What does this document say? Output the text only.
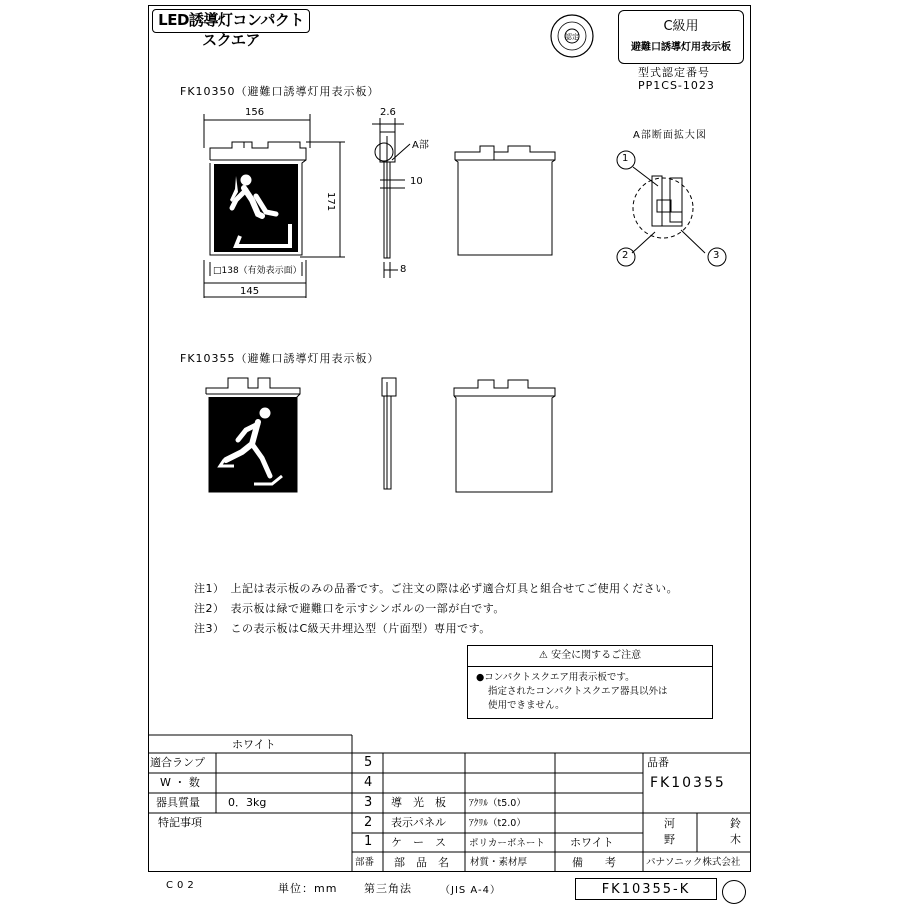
LED誘導灯コンパクトスクエア	認定
C級用
避難口誘導灯用表示板
型式認定番号
PP1CS-1023
FK10350（避難口誘導灯用表示板）
156	2.6
A部
10
171
□138（有効表示面）
145
8
A部断面拡大図
1
2	3
FK10355（避難口誘導灯用表示板）
注1）　上記は表示板のみの品番です。ご注文の際は必ず適合灯具と組合せてご使用ください。
注2）　表示板は緑で避難口を示すシンボルの一部が白です。
注3）　この表示板はC級天井埋込型（片面型）専用です。
⚠ 安全に関するご注意
●コンパクトスクエア用表示板です。
指定されたコンパクトスクエア器具以外は
使用できません。
ホワイト
適合ランプ
W ・ 数
器具質量	0．3kg
特記事項
5
4
3 導　光　板 ｱｸﾘﾙ（t5.0）
2 表示パネル ｱｸﾘﾙ（t2.0）
1 ケ　ー　ス ポリカーボネート ホワイト
部番 部　品　名 材質・素材厚	備　　考
品番
FK10355
河	鈴
野	木
パナソニック株式会社
C02	単位：mm 第三角法	（JIS A-4）	FK10355-K
